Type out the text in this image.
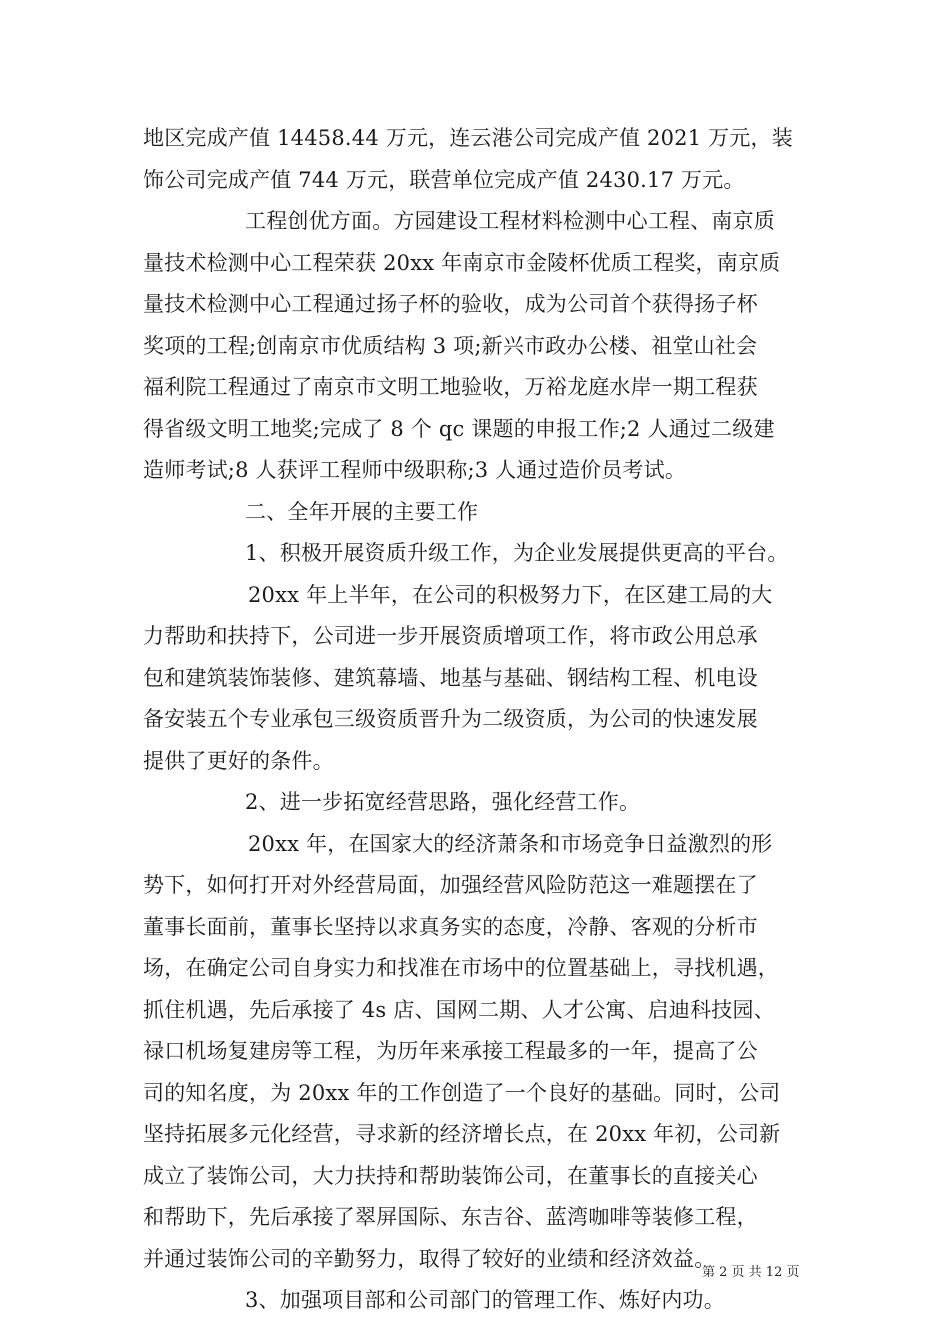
地区完成产值 14458.44 万元，连云港公司完成产值 2021 万元，装
饰公司完成产值 744 万元，联营单位完成产值 2430.17 万元。
工程创优方面。方园建设工程材料检测中心工程、南京质
量技术检测中心工程荣获 20xx 年南京市金陵杯优质工程奖，南京质
量技术检测中心工程通过扬子杯的验收，成为公司首个获得扬子杯
奖项的工程;创南京市优质结构 3 项;新兴市政办公楼、祖堂山社会
福利院工程通过了南京市文明工地验收，万裕龙庭水岸一期工程获
得省级文明工地奖;完成了 8 个 qc 课题的申报工作;2 人通过二级建
造师考试;8 人获评工程师中级职称;3 人通过造价员考试。
二、全年开展的主要工作
1、积极开展资质升级工作，为企业发展提供更高的平台。
20xx 年上半年，在公司的积极努力下，在区建工局的大
力帮助和扶持下，公司进一步开展资质增项工作，将市政公用总承
包和建筑装饰装修、建筑幕墙、地基与基础、钢结构工程、机电设
备安装五个专业承包三级资质晋升为二级资质，为公司的快速发展
提供了更好的条件。
2、进一步拓宽经营思路，强化经营工作。
20xx 年，在国家大的经济萧条和市场竞争日益激烈的形
势下，如何打开对外经营局面，加强经营风险防范这一难题摆在了
董事长面前，董事长坚持以求真务实的态度，冷静、客观的分析市
场，在确定公司自身实力和找准在市场中的位置基础上，寻找机遇，
抓住机遇，先后承接了 4s 店、国网二期、人才公寓、启迪科技园、
禄口机场复建房等工程，为历年来承接工程最多的一年，提高了公
司的知名度，为 20xx 年的工作创造了一个良好的基础。同时，公司
坚持拓展多元化经营，寻求新的经济增长点，在 20xx 年初，公司新
成立了装饰公司，大力扶持和帮助装饰公司，在董事长的直接关心
和帮助下，先后承接了翠屏国际、东吉谷、蓝湾咖啡等装修工程，
并通过装饰公司的辛勤努力，取得了较好的业绩和经济效益。
3、加强项目部和公司部门的管理工作、炼好内功。
第 2 页 共 12 页
